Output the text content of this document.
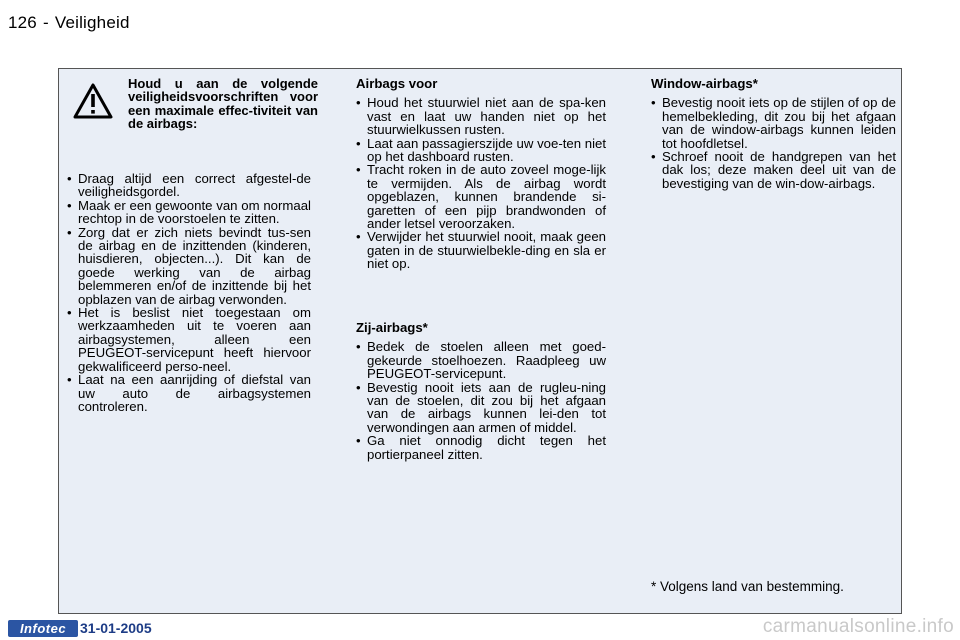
126 - Veiligheid
Houd u aan de volgende veiligheidsvoorschriften voor een maximale effec-tiviteit van de airbags:
• Draag altijd een correct afgestel-de veiligheidsgordel.
• Maak er een gewoonte van om normaal rechtop in de voorstoelen te zitten.
• Zorg dat er zich niets bevindt tus-sen de airbag en de inzittenden (kinderen, huisdieren, objecten...). Dit kan de goede werking van de airbag belemmeren en/of de inzittende bij het opblazen van de airbag verwonden.
• Het is beslist niet toegestaan om werkzaamheden uit te voeren aan airbagsystemen, alleen een PEUGEOT-servicepunt heeft hiervoor gekwalificeerd perso-neel.
• Laat na een aanrijding of diefstal van uw auto de airbagsystemen controleren.
Airbags voor
• Houd het stuurwiel niet aan de spa-ken vast en laat uw handen niet op het stuurwielkussen rusten.
• Laat aan passagierszijde uw voe-ten niet op het dashboard rusten.
• Tracht roken in de auto zoveel moge-lijk te vermijden. Als de airbag wordt opgeblazen, kunnen brandende si-garetten of een pijp brandwonden of ander letsel veroorzaken.
• Verwijder het stuurwiel nooit, maak geen gaten in de stuurwielbekle-ding en sla er niet op.
Zij-airbags*
• Bedek de stoelen alleen met goed-gekeurde stoelhoezen. Raadpleeg uw PEUGEOT-servicepunt.
• Bevestig nooit iets aan de rugleu-ning van de stoelen, dit zou bij het afgaan van de airbags kunnen lei-den tot verwondingen aan armen of middel.
• Ga niet onnodig dicht tegen het portierpaneel zitten.
Window-airbags*
• Bevestig nooit iets op de stijlen of op de hemelbekleding, dit zou bij het afgaan van de window-airbags kunnen leiden tot hoofdletsel.
• Schroef nooit de handgrepen van het dak los; deze maken deel uit van de bevestiging van de win-dow-airbags.
* Volgens land van bestemming.
Infotec 31-01-2005	carmanualsonline.info
